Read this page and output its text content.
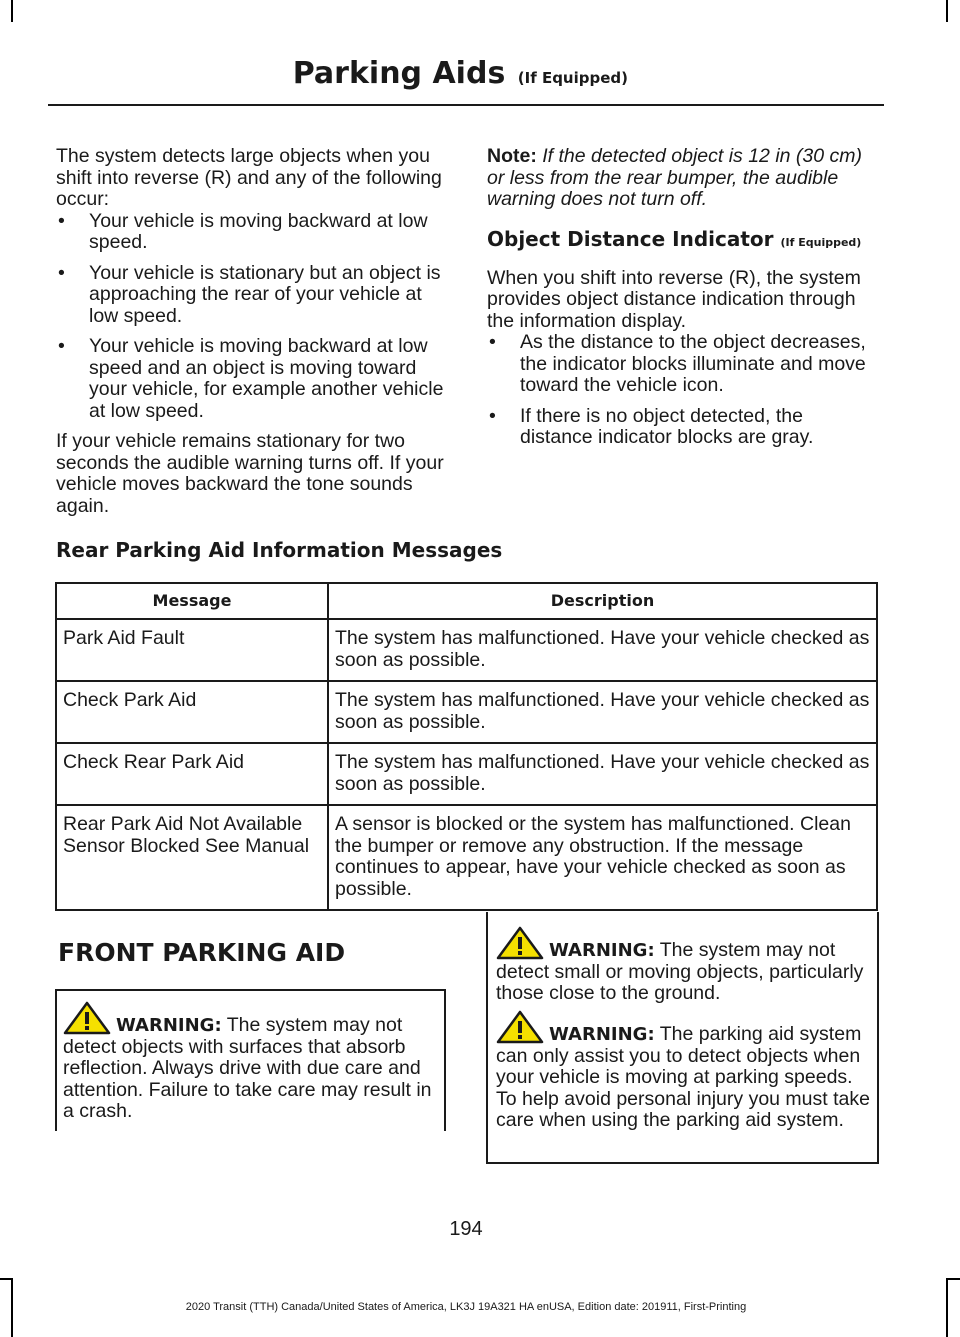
Parking Aids (If Equipped)

The system detects large objects when you shift into reverse (R) and any of the following occur:

• Your vehicle is moving backward at low speed.
• Your vehicle is stationary but an object is approaching the rear of your vehicle at low speed.
• Your vehicle is moving backward at low speed and an object is moving toward your vehicle, for example another vehicle at low speed.

If your vehicle remains stationary for two seconds the audible warning turns off. If your vehicle moves backward the tone sounds again.

Note: If the detected object is 12 in (30 cm) or less from the rear bumper, the audible warning does not turn off.

Object Distance Indicator (If Equipped)

When you shift into reverse (R), the system provides object distance indication through the information display.

• As the distance to the object decreases, the indicator blocks illuminate and move toward the vehicle icon.
• If there is no object detected, the distance indicator blocks are gray.
Rear Parking Aid Information Messages
Message	Description
Park Aid Fault	The system has malfunctioned. Have your vehicle checked as soon as possible.
Check Park Aid	The system has malfunctioned. Have your vehicle checked as soon as possible.
Check Rear Park Aid	The system has malfunctioned. Have your vehicle checked as soon as possible.
Rear Park Aid Not Available Sensor Blocked See Manual	A sensor is blocked or the system has malfunctioned. Clean the bumper or remove any obstruction. If the message continues to appear, have your vehicle checked as soon as possible.
FRONT PARKING AID

WARNING: The system may not detect objects with surfaces that absorb reflection. Always drive with due care and attention. Failure to take care may result in a crash.

WARNING: The system may not detect small or moving objects, particularly those close to the ground.

WARNING: The parking aid system can only assist you to detect objects when your vehicle is moving at parking speeds. To help avoid personal injury you must take care when using the parking aid system.

194
2020 Transit (TTH) Canada/United States of America, LK3J 19A321 HA enUSA, Edition date: 201911, First-Printing
